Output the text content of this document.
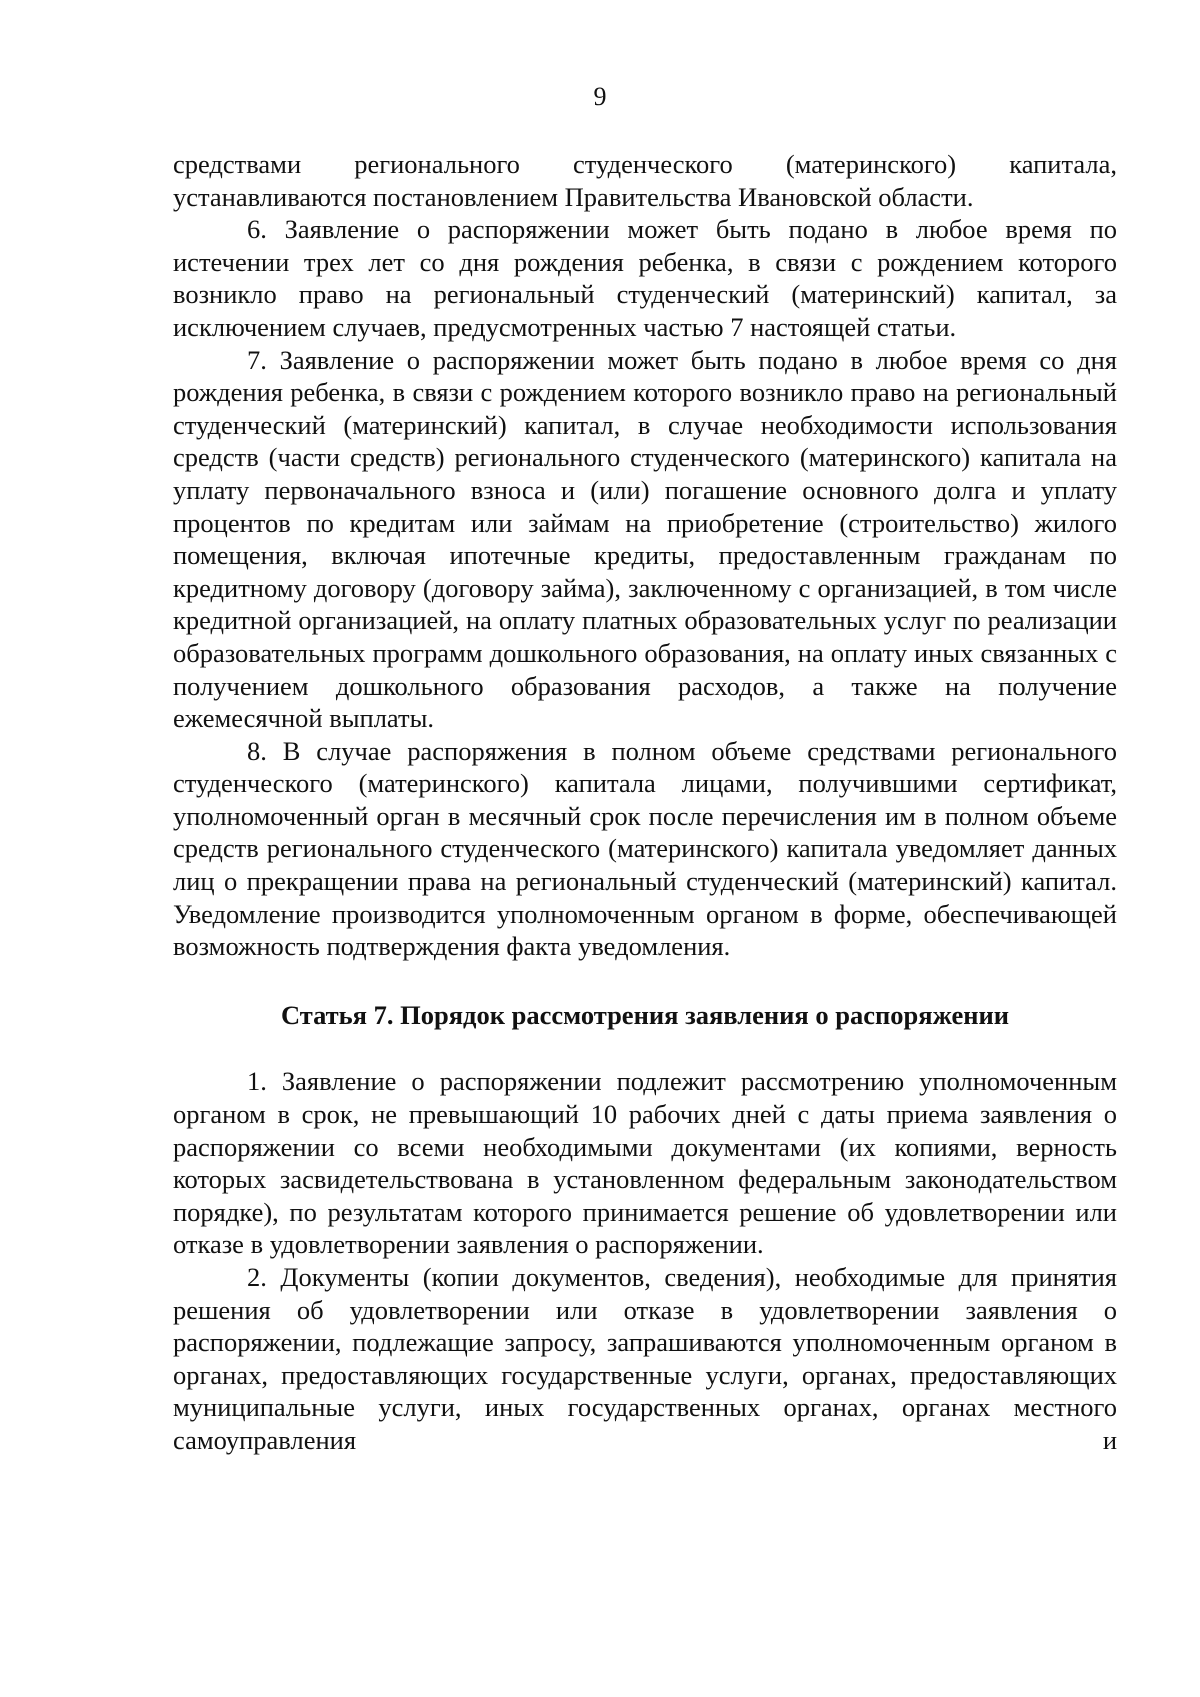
9

средствами регионального студенческого (материнского) капитала, устанавливаются постановлением Правительства Ивановской области.

6. Заявление о распоряжении может быть подано в любое время по истечении трех лет со дня рождения ребенка, в связи с рождением которого возникло право на региональный студенческий (материнский) капитал, за исключением случаев, предусмотренных частью 7 настоящей статьи.

7. Заявление о распоряжении может быть подано в любое время со дня рождения ребенка, в связи с рождением которого возникло право на региональный студенческий (материнский) капитал, в случае необходимости использования средств (части средств) регионального студенческого (материнского) капитала на уплату первоначального взноса и (или) погашение основного долга и уплату процентов по кредитам или займам на приобретение (строительство) жилого помещения, включая ипотечные кредиты, предоставленным гражданам по кредитному договору (договору займа), заключенному с организацией, в том числе кредитной организацией, на оплату платных образовательных услуг по реализации образовательных программ дошкольного образования, на оплату иных связанных с получением дошкольного образования расходов, а также на получение ежемесячной выплаты.

8. В случае распоряжения в полном объеме средствами регионального студенческого (материнского) капитала лицами, получившими сертификат, уполномоченный орган в месячный срок после перечисления им в полном объеме средств регионального студенческого (материнского) капитала уведомляет данных лиц о прекращении права на региональный студенческий (материнский) капитал. Уведомление производится уполномоченным органом в форме, обеспечивающей возможность подтверждения факта уведомления.

Статья 7. Порядок рассмотрения заявления о распоряжении

1. Заявление о распоряжении подлежит рассмотрению уполномоченным органом в срок, не превышающий 10 рабочих дней с даты приема заявления о распоряжении со всеми необходимыми документами (их копиями, верность которых засвидетельствована в установленном федеральным законодательством порядке), по результатам которого принимается решение об удовлетворении или отказе в удовлетворении заявления о распоряжении.

2. Документы (копии документов, сведения), необходимые для принятия решения об удовлетворении или отказе в удовлетворении заявления о распоряжении, подлежащие запросу, запрашиваются уполномоченным органом в органах, предоставляющих государственные услуги, органах, предоставляющих муниципальные услуги, иных государственных органах, органах местного самоуправления и
